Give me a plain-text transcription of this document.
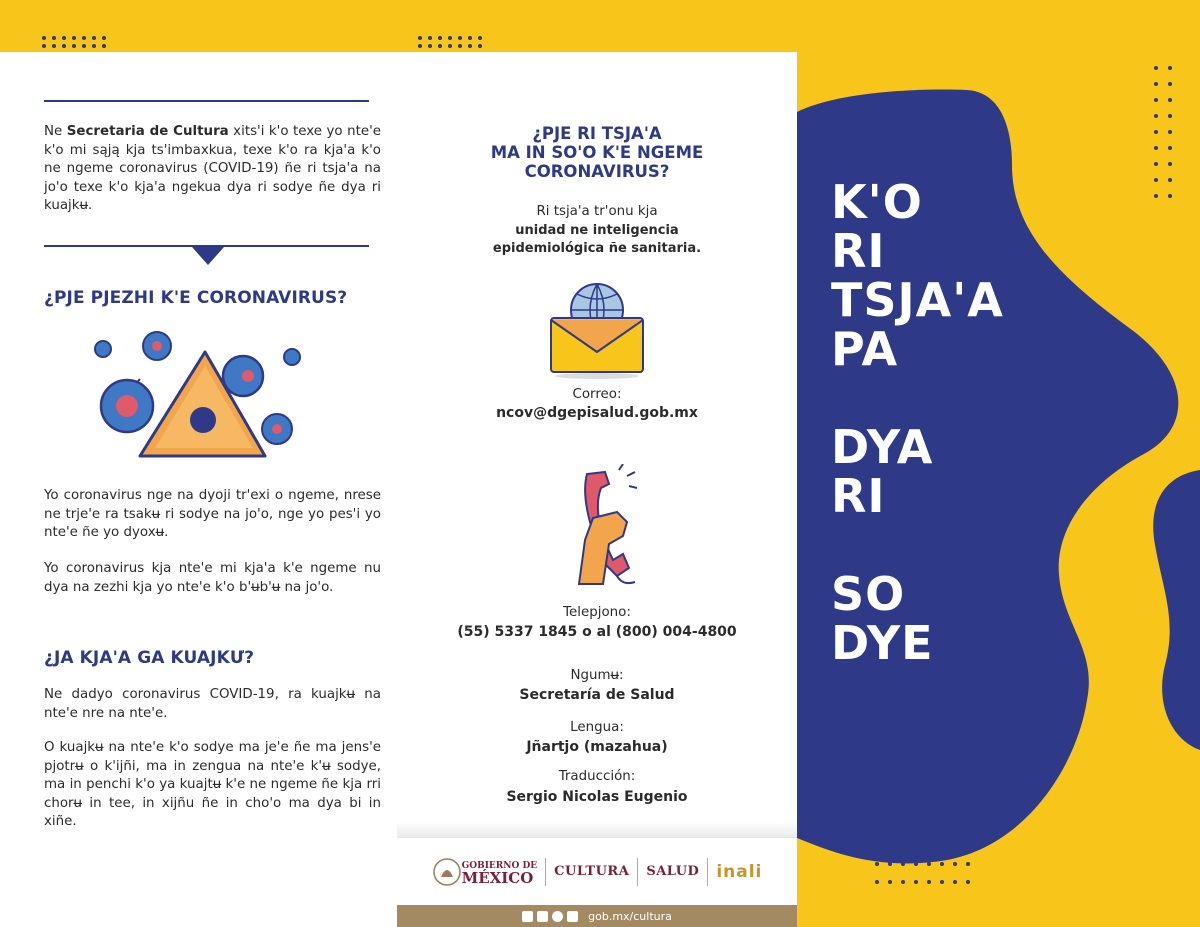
Ne Secretaria de Cultura xits'i k'o texe yo nte'e k'o mi sąją kja ts'imbaxkua, texe k'o ra kja'a k'o ne ngeme coronavirus (COVID-19) ñe ri tsja'a na jo'o texe k'o kja'a ngekua dya ri sodye ñe dya ri kuajkʉ.

¿PJE PJEZHI K'E CORONAVIRUS?

Yo coronavirus nge na dyoji tr'exi o ngeme, nrese ne trje'e ra tsakʉ ri sodye na jo'o, nge yo pes'i yo nte'e ñe yo dyoxʉ.

Yo coronavirus kja nte'e mi kja'a k'e ngeme nu dya na zezhi kja yo nte'e k'o b'ʉb'ʉ na jo'o.

¿JA KJA'A GA KUAJKƯ?

Ne dadyo coronavirus COVID-19, ra kuajkʉ na nte'e nre na nte'e.

O kuajkʉ na nte'e k'o sodye ma je'e ñe ma jens'e pjotrʉ o k'ijñi, ma in zengua na nte'e k'ʉ sodye, ma in penchi k'o ya kuajtʉ k'e ne ngeme ñe kja rri chorʉ in tee, in xijñu ñe in cho'o ma dya bi in xiñe.

¿PJE RI TSJA'A
MA IN SO'O K'E NGEME
CORONAVIRUS?
Ri tsja'a tr'onu kja
unidad ne inteligencia
epidemiológica ñe sanitaria.
Correo:
ncov@dgepisalud.gob.mx
Telepjono:
(55) 5337 1845 o al (800) 004-4800
Ngumʉ:
Secretaría de Salud
Lengua:
Jñartjo (mazahua)
Traducción:
Sergio Nicolas Eugenio
GOBIERNO DE
MÉXICO CULTURA SALUD inali
gob.mx/cultura
K'O
RI
TSJA'A
PA
DYA
RI
SO
DYE
